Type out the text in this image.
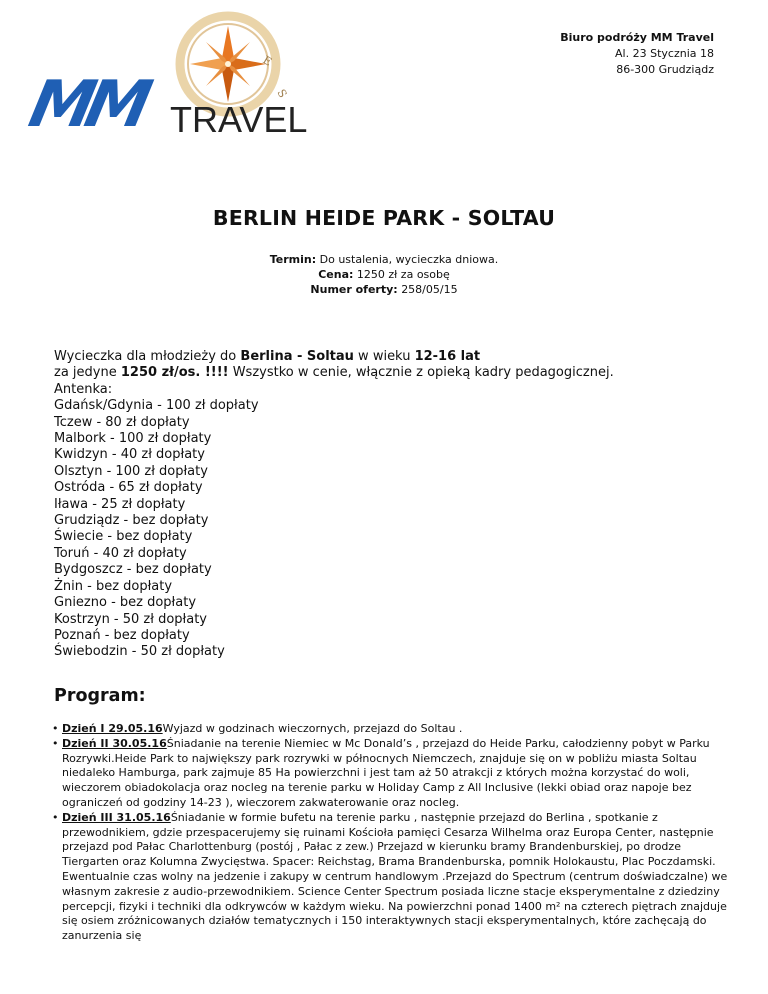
E
S
MM TRAVEL
Biuro podróży MM Travel
Al. 23 Stycznia 18
86-300 Grudziądz
BERLIN HEIDE PARK - SOLTAU
Termin: Do ustalenia, wycieczka dniowa.
Cena: 1250 zł za osobę
Numer oferty: 258/05/15
Wycieczka dla młodzieży do Berlina - Soltau w wieku 12-16 lat
za jedyne 1250 zł/os. !!!! Wszystko w cenie, włącznie z opieką kadry pedagogicznej.
Antenka:
Gdańsk/Gdynia - 100 zł dopłaty
Tczew - 80 zł dopłaty
Malbork - 100 zł dopłaty
Kwidzyn - 40 zł dopłaty
Olsztyn - 100 zł dopłaty
Ostróda - 65 zł dopłaty
Iława - 25 zł dopłaty
Grudziądz - bez dopłaty
Świecie - bez dopłaty
Toruń - 40 zł dopłaty
Bydgoszcz - bez dopłaty
Żnin - bez dopłaty
Gniezno - bez dopłaty
Kostrzyn - 50 zł dopłaty
Poznań - bez dopłaty
Świebodzin - 50 zł dopłaty
Program:
• Dzień I 29.05.16Wyjazd w godzinach wieczornych, przejazd do Soltau .
• Dzień II 30.05.16Śniadanie na terenie Niemiec w Mc Donald’s , przejazd do Heide Parku, całodzienny pobyt w Parku Rozrywki.Heide Park to największy park rozrywki w północnych Niemczech, znajduje się on w pobliżu miasta Soltau niedaleko Hamburga, park zajmuje 85 Ha powierzchni i jest tam aż 50 atrakcji z których można korzystać do woli, wieczorem obiadokolacja oraz nocleg na terenie parku w Holiday Camp z All Inclusive (lekki obiad oraz napoje bez ograniczeń od godziny 14-23 ), wieczorem zakwaterowanie oraz nocleg.
• Dzień III 31.05.16Śniadanie w formie bufetu na terenie parku , następnie przejazd do Berlina , spotkanie z przewodnikiem, gdzie przespacerujemy się ruinami Kościoła pamięci Cesarza Wilhelma oraz Europa Center, następnie przejazd pod Pałac Charlottenburg (postój , Pałac z zew.) Przejazd w kierunku bramy Brandenburskiej, po drodze Tiergarten oraz Kolumna Zwycięstwa. Spacer: Reichstag, Brama Brandenburska, pomnik Holokaustu, Plac Poczdamski. Ewentualnie czas wolny na jedzenie i zakupy w centrum handlowym .Przejazd do Spectrum (centrum doświadczalne) we własnym zakresie z audio-przewodnikiem. Science Center Spectrum posiada liczne stacje eksperymentalne z dziedziny percepcji, fizyki i techniki dla odkrywców w każdym wieku. Na powierzchni ponad 1400 m² na czterech piętrach znajduje się osiem zróżnicowanych działów tematycznych i 150 interaktywnych stacji eksperymentalnych, które zachęcają do zanurzenia się
